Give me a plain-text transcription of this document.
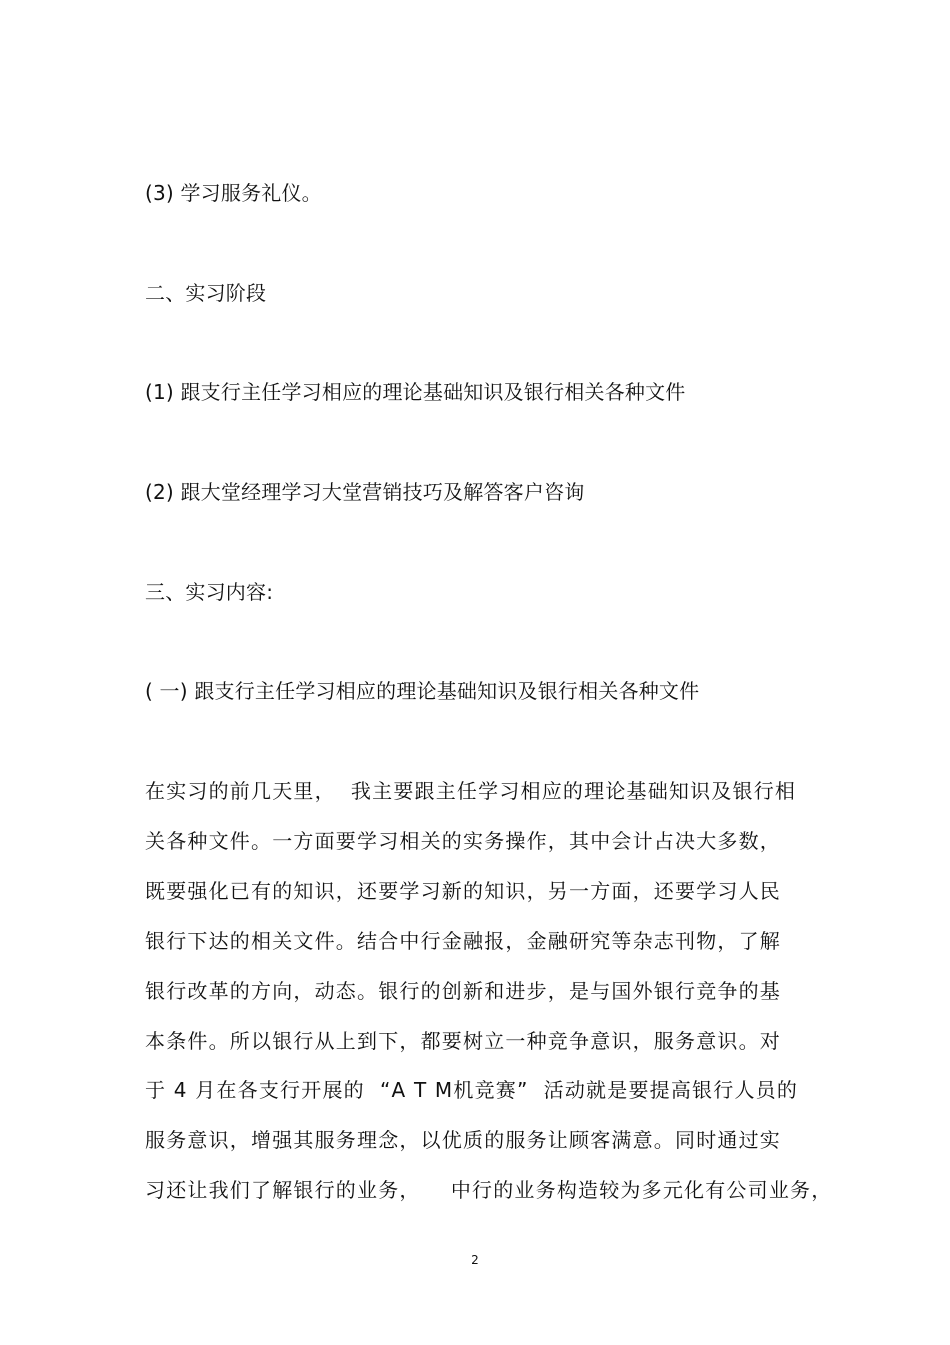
(3) 学习服务礼仪。
二、实习阶段
(1) 跟支行主任学习相应的理论基础知识及银行相关各种文件
(2) 跟大堂经理学习大堂营销技巧及解答客户咨询
三、实习内容:
( 一) 跟支行主任学习相应的理论基础知识及银行相关各种文件
在实习的前几天里，  我主要跟主任学习相应的理论基础知识及银行相
关各种文件。一方面要学习相关的实务操作，其中会计占决大多数，
既要强化已有的知识，还要学习新的知识，另一方面，还要学习人民
银行下达的相关文件。结合中行金融报，金融研究等杂志刊物，了解
银行改革的方向，动态。银行的创新和进步，是与国外银行竞争的基
本条件。所以银行从上到下，都要树立一种竞争意识，服务意识。对
于 4 月在各支行开展的  “A T M机竞赛”  活动就是要提高银行人员的
服务意识，增强其服务理念，以优质的服务让顾客满意。同时通过实
习还让我们了解银行的业务，    中行的业务构造较为多元化有公司业务，
2
